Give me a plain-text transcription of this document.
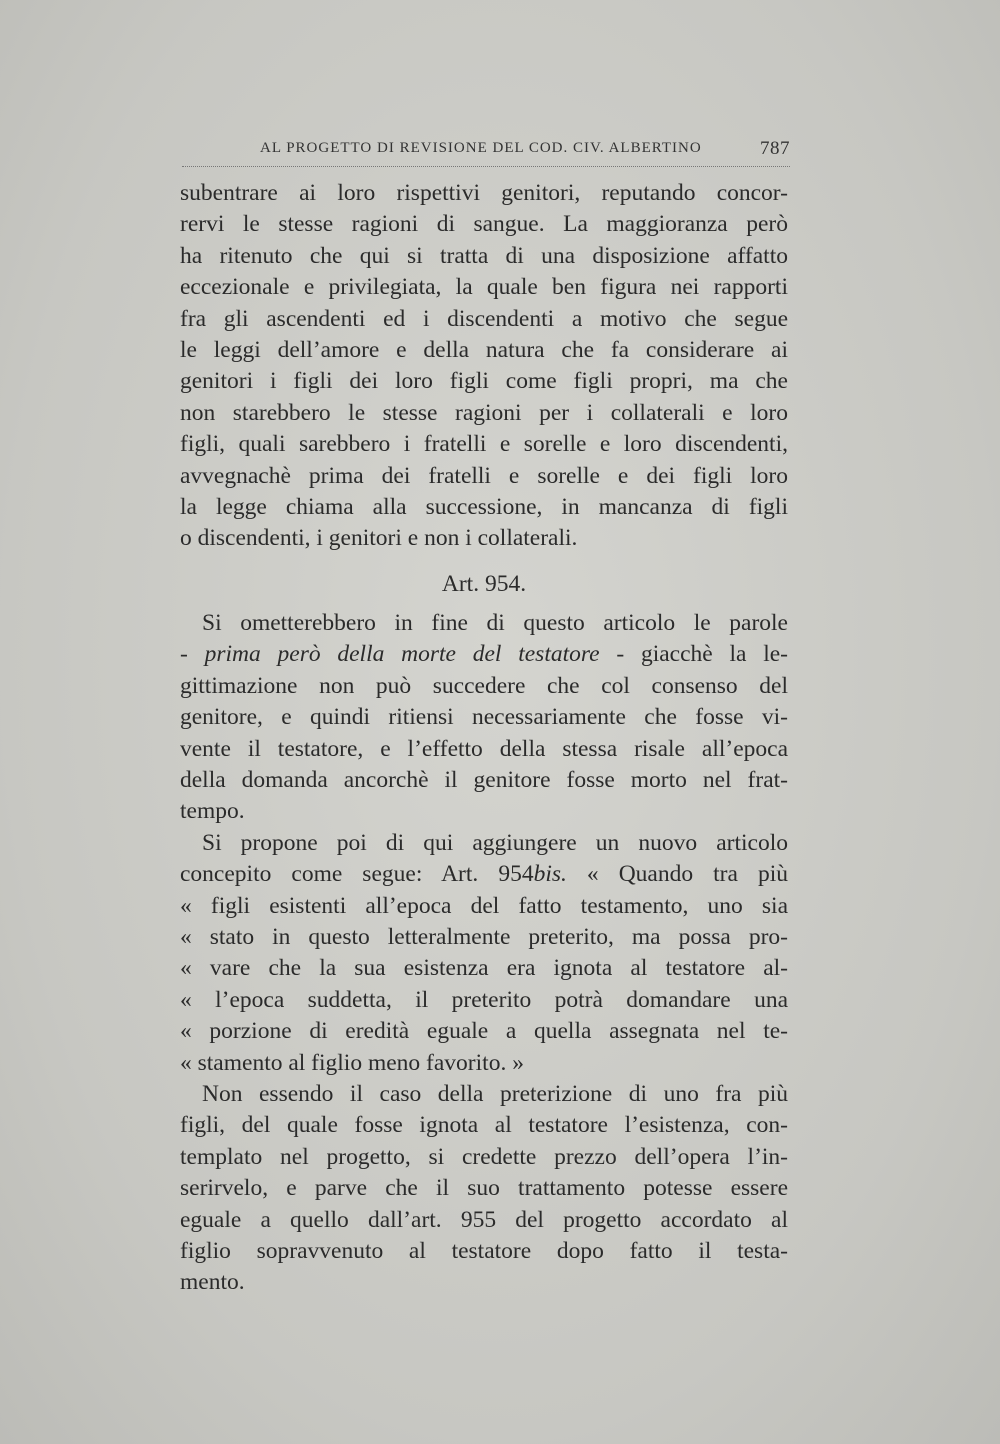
AL PROGETTO DI REVISIONE DEL COD. CIV. ALBERTINO	787
subentrare ai loro rispettivi genitori, reputando concor-
rervi le stesse ragioni di sangue. La maggioranza però
ha ritenuto che qui si tratta di una disposizione affatto
eccezionale e privilegiata, la quale ben figura nei rapporti
fra gli ascendenti ed i discendenti a motivo che segue
le leggi dell’amore e della natura che fa considerare ai
genitori i figli dei loro figli come figli propri, ma che
non starebbero le stesse ragioni per i collaterali e loro
figli, quali sarebbero i fratelli e sorelle e loro discendenti,
avvegnachè prima dei fratelli e sorelle e dei figli loro
la legge chiama alla successione, in mancanza di figli
o discendenti, i genitori e non i collaterali.
Art. 954.
Si ometterebbero in fine di questo articolo le parole
- prima però della morte del testatore - giacchè la le-
gittimazione non può succedere che col consenso del
genitore, e quindi ritiensi necessariamente che fosse vi-
vente il testatore, e l’effetto della stessa risale all’epoca
della domanda ancorchè il genitore fosse morto nel frat-
tempo.
Si propone poi di qui aggiungere un nuovo articolo
concepito come segue: Art. 954bis. « Quando tra più
« figli esistenti all’epoca del fatto testamento, uno sia
« stato in questo letteralmente preterito, ma possa pro-
« vare che la sua esistenza era ignota al testatore al-
« l’epoca suddetta, il preterito potrà domandare una
« porzione di eredità eguale a quella assegnata nel te-
« stamento al figlio meno favorito. »
Non essendo il caso della preterizione di uno fra più
figli, del quale fosse ignota al testatore l’esistenza, con-
templato nel progetto, si credette prezzo dell’opera l’in-
serirvelo, e parve che il suo trattamento potesse essere
eguale a quello dall’art. 955 del progetto accordato al
figlio sopravvenuto al testatore dopo fatto il testa-
mento.
